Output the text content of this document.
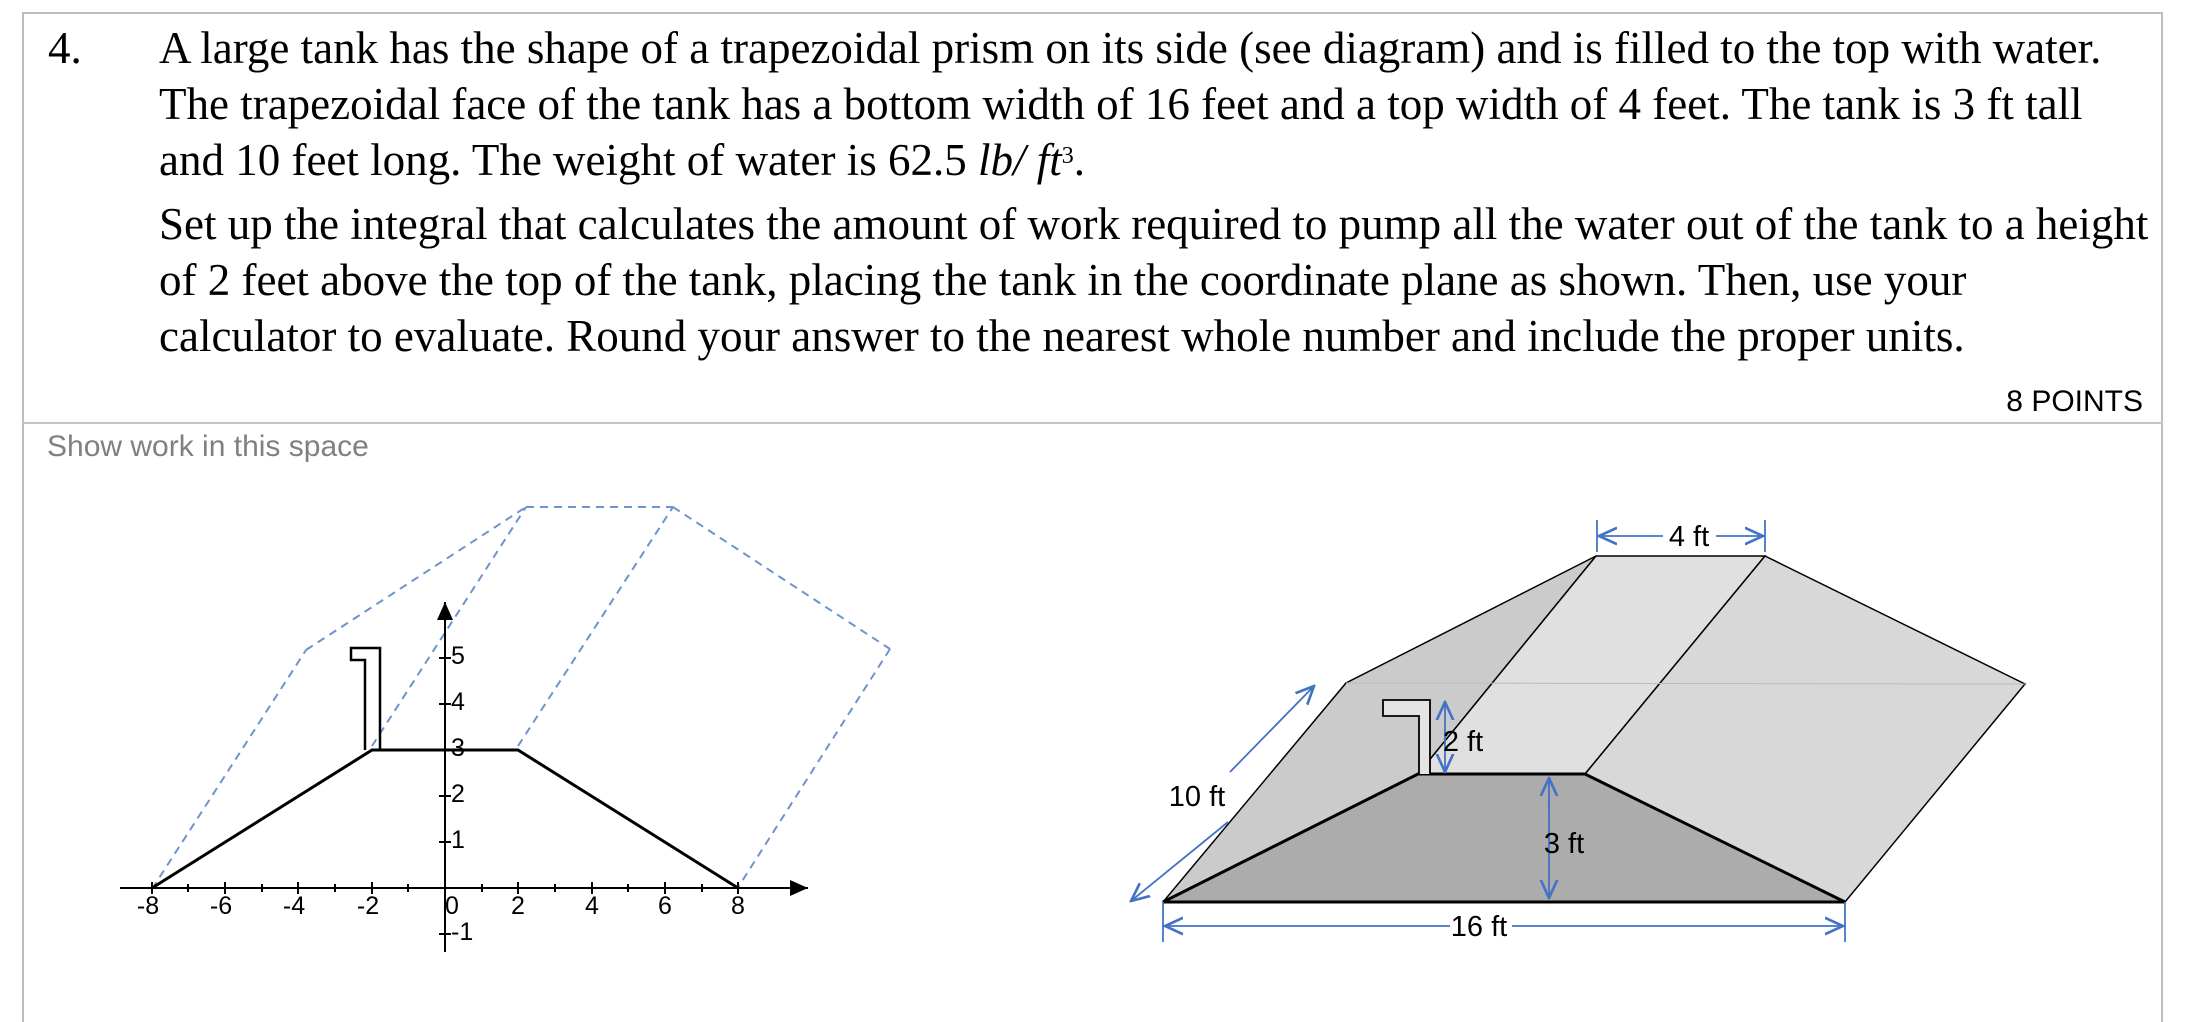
4. A large tank has the shape of a trapezoidal prism on its side (see diagram) and is filled to the top with water. The trapezoidal face of the tank has a bottom width of 16 feet and a top width of 4 feet. The tank is 3 ft tall and 10 feet long. The weight of water is 62.5 lb/ $ft^3$.

Set up the integral that calculates the amount of work required to pump all the water out of the tank to a height of 2 feet above the top of the tank, placing the tank in the coordinate plane as shown. Then, use your calculator to evaluate. Round your answer to the nearest whole number and include the proper units.

8 POINTS
Show work in this space
-8 -6 -4 -2	0 2 4 6 8
5
4
3
2
1
-1
4 ft
2 ft
10 ft
3 ft
16 ft
